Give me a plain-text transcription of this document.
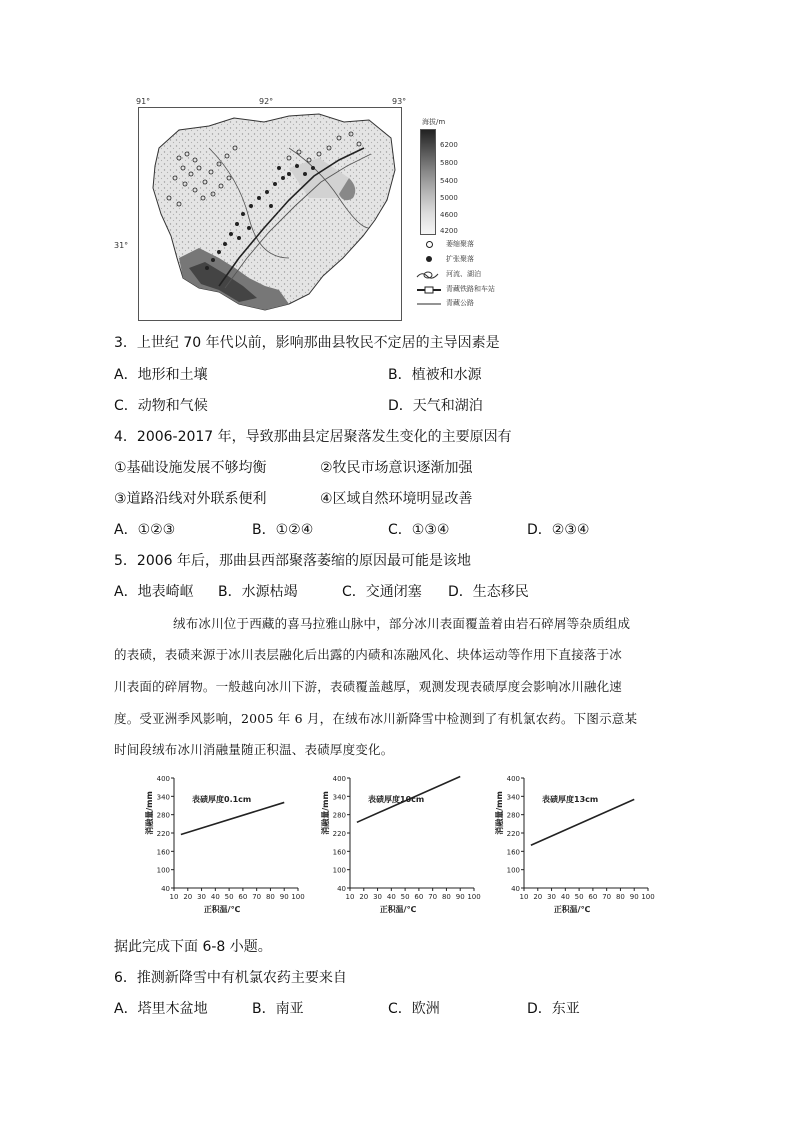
91°	92°	93°
31°
海拔/m
6200
5800
5400
5000
4600
4200
萎缩聚落
扩张聚落
河流、湖泊
青藏铁路和车站
青藏公路
3．上世纪 70 年代以前，影响那曲县牧民不定居的主导因素是
A．地形和土壤	B．植被和水源
C．动物和气候	D．天气和湖泊
4．2006-2017 年，导致那曲县定居聚落发生变化的主要原因有
①基础设施发展不够均衡	②牧民市场意识逐渐加强
③道路沿线对外联系便利	④区域自然环境明显改善
A．①②③	B．①②④	C．①③④	D．②③④
5．2006 年后，那曲县西部聚落萎缩的原因最可能是该地
A．地表崎岖 B．水源枯竭	C．交通闭塞 D．生态移民
绒布冰川位于西藏的喜马拉雅山脉中，部分冰川表面覆盖着由岩石碎屑等杂质组成
的表碛，表碛来源于冰川表层融化后出露的内碛和冻融风化、块体运动等作用下直接落于冰
川表面的碎屑物。一般越向冰川下游，表碛覆盖越厚，观测发现表碛厚度会影响冰川融化速
度。受亚洲季风影响，2005 年 6 月，在绒布冰川新降雪中检测到了有机氯农药。下图示意某
时间段绒布冰川消融量随正积温、表碛厚度变化。
40
100
160
220
280
340
400
10 20 30 40 50 60 70 80 90 100
正积温/℃
消融量/mm	表碛厚度0.1cm
40
100
160
220
280
340
400
10 20 30 40 50 60 70 80 90 100
正积温/℃
消融量/mm	表碛厚度10cm
40
100
160
220
280
340
400
10 20 30 40 50 60 70 80 90 100
正积温/℃
消融量/mm	表碛厚度13cm
据此完成下面 6-8 小题。
6．推测新降雪中有机氯农药主要来自
A．塔里木盆地	B．南亚	C．欧洲	D．东亚
